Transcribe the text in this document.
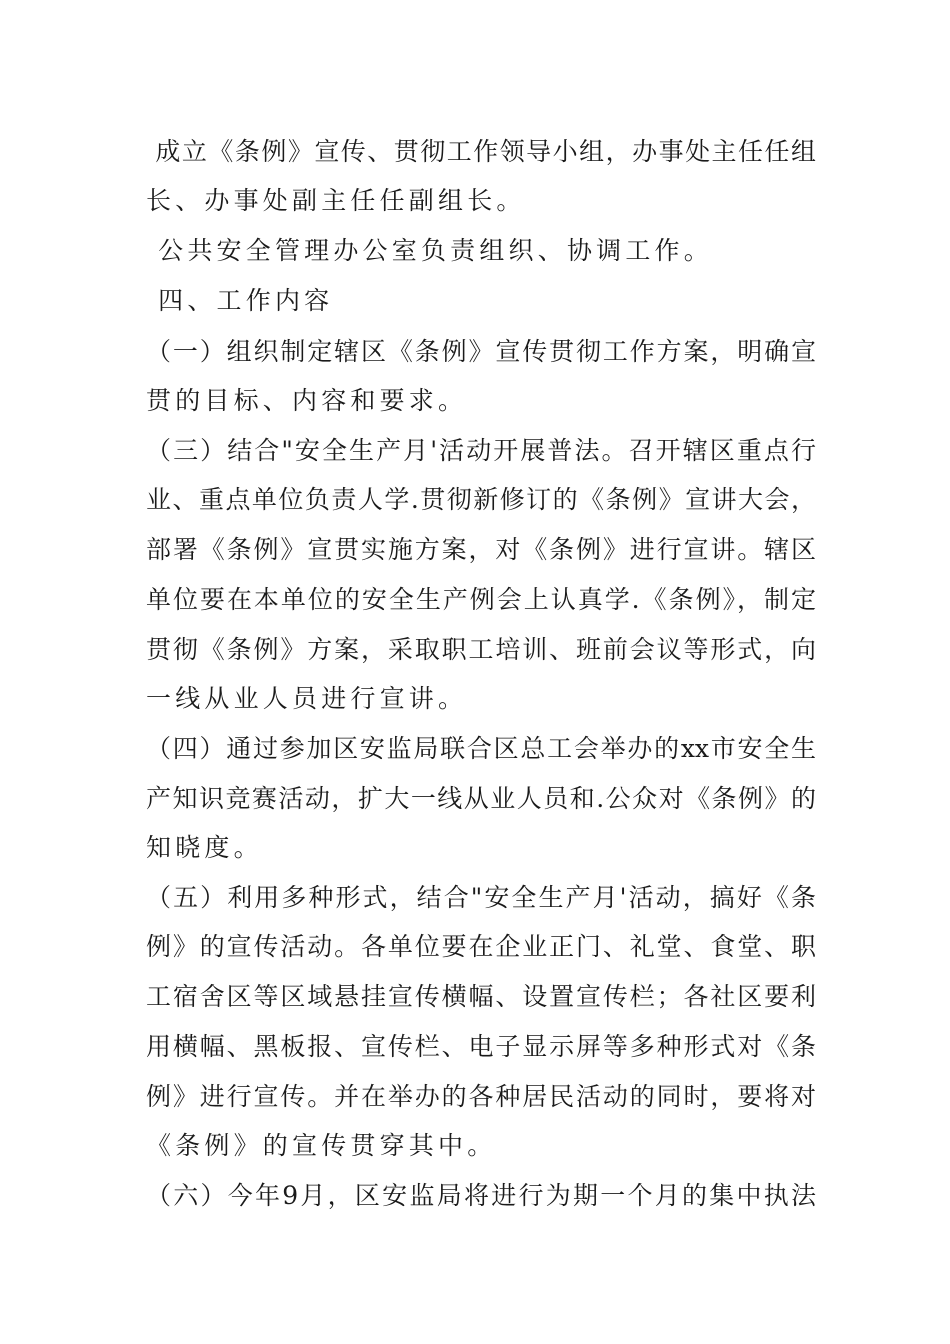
成立《条例》宣传、贯彻工作领导小组，办事处主任任组
长、办事处副主任任副组长。
公共安全管理办公室负责组织、协调工作。
四、工作内容
（一）组织制定辖区《条例》宣传贯彻工作方案，明确宣
贯的目标、内容和要求。
（三）结合"安全生产月'活动开展普法。召开辖区重点行
业、重点单位负责人学.贯彻新修订的《条例》宣讲大会，
部署《条例》宣贯实施方案，对《条例》进行宣讲。辖区
单位要在本单位的安全生产例会上认真学.《条例》，制定
贯彻《条例》方案，采取职工培训、班前会议等形式，向
一线从业人员进行宣讲。
（四）通过参加区安监局联合区总工会举办的xx市安全生
产知识竞赛活动，扩大一线从业人员和.公众对《条例》的
知晓度。
（五）利用多种形式，结合"安全生产月'活动，搞好《条
例》的宣传活动。各单位要在企业正门、礼堂、食堂、职
工宿舍区等区域悬挂宣传横幅、设置宣传栏；各社区要利
用横幅、黑板报、宣传栏、电子显示屏等多种形式对《条
例》进行宣传。并在举办的各种居民活动的同时，要将对
《条例》的宣传贯穿其中。
（六）今年9月，区安监局将进行为期一个月的集中执法
